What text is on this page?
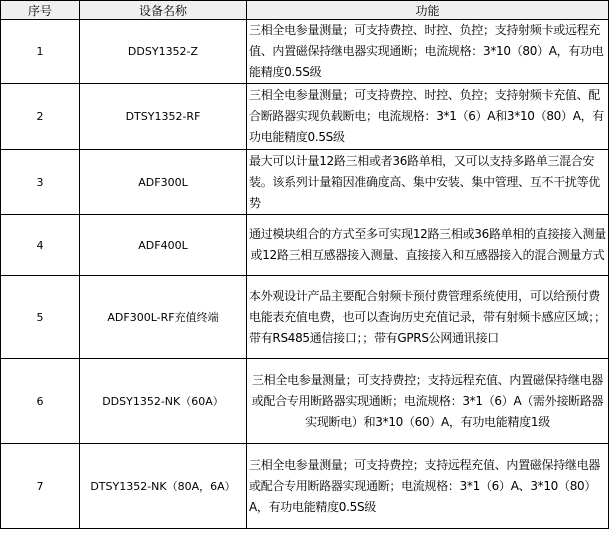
序号	设备名称	功能
1	DDSY1352-Z	三相全电参量测量；可支持费控、时控、负控；支持射频卡或远程充值、内置磁保持继电器实现通断；电流规格：3*10（80）A，有功电能精度0.5S级
2	DTSY1352-RF	三相全电参量测量；可支持费控、时控、负控；支持射频卡充值、配合断路器实现负载断电；电流规格：3*1（6）A和3*10（80）A，有功电能精度0.5S级
3	ADF300L	最大可以计量12路三相或者36路单相，又可以支持多路单三混合安装。该系列计量箱因准确度高、集中安装、集中管理、互不干扰等优势
4	ADF400L	通过模块组合的方式至多可实现12路三相或36路单相的直接接入测量或12路三相互感器接入测量、直接接入和互感器接入的混合测量方式
5	ADF300L-RF充值终端	本外观设计产品主要配合射频卡预付费管理系统使用，可以给预付费电能表充值电费，也可以查询历史充值记录，带有射频卡感应区域；；带有RS485通信接口；；带有GPRS公网通讯接口
6	DDSY1352-NK（60A）	三相全电参量测量；可支持费控；支持远程充值、内置磁保持继电器或配合专用断路器实现通断；电流规格：3*1（6）A（需外接断路器实现断电）和3*10（60）A，有功电能精度1级
7	DTSY1352-NK（80A，6A）	三相全电参量测量；可支持费控；支持远程充值、内置磁保持继电器或配合专用断路器实现通断；电流规格：3*1（6）A、3*10（80）A，有功电能精度0.5S级
